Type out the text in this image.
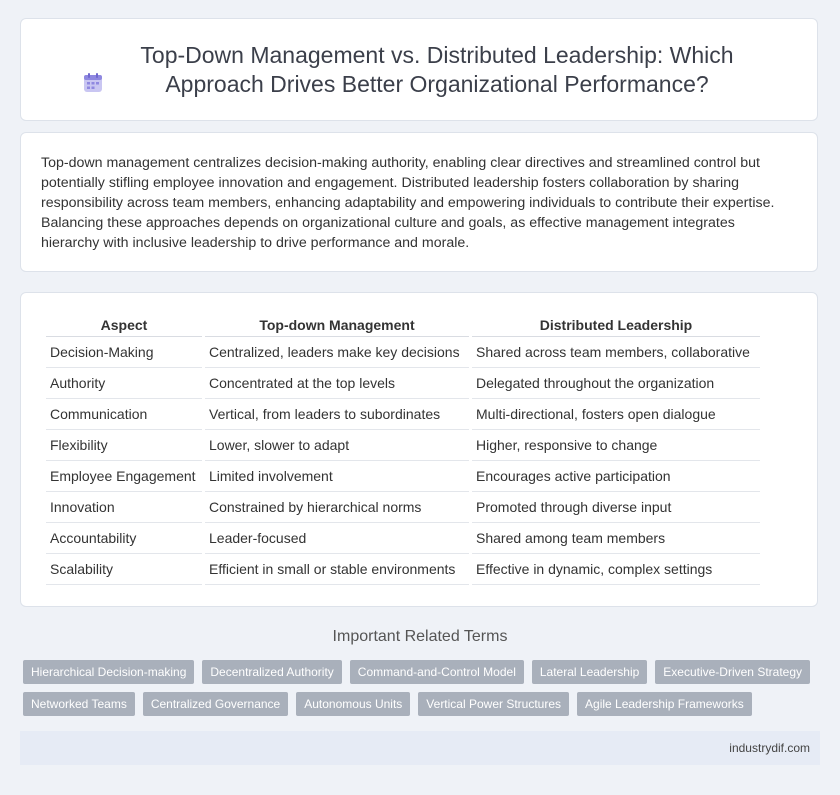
Top-Down Management vs. Distributed Leadership: Which Approach Drives Better Organizational Performance?

Top-down management centralizes decision-making authority, enabling clear directives and streamlined control but potentially stifling employee innovation and engagement. Distributed leadership fosters collaboration by sharing responsibility across team members, enhancing adaptability and empowering individuals to contribute their expertise. Balancing these approaches depends on organizational culture and goals, as effective management integrates hierarchy with inclusive leadership to drive performance and morale.

Aspect	Top-down Management	Distributed Leadership
Decision-Making	Centralized, leaders make key decisions	Shared across team members, collaborative
Authority	Concentrated at the top levels	Delegated throughout the organization
Communication	Vertical, from leaders to subordinates	Multi-directional, fosters open dialogue
Flexibility	Lower, slower to adapt	Higher, responsive to change
Employee Engagement	Limited involvement	Encourages active participation
Innovation	Constrained by hierarchical norms	Promoted through diverse input
Accountability	Leader-focused	Shared among team members
Scalability	Efficient in small or stable environments	Effective in dynamic, complex settings
Important Related Terms
Hierarchical Decision-making	Decentralized Authority	Command-and-Control Model	Lateral Leadership	Executive-Driven Strategy
Networked Teams	Centralized Governance	Autonomous Units	Vertical Power Structures	Agile Leadership Frameworks
industrydif.com
